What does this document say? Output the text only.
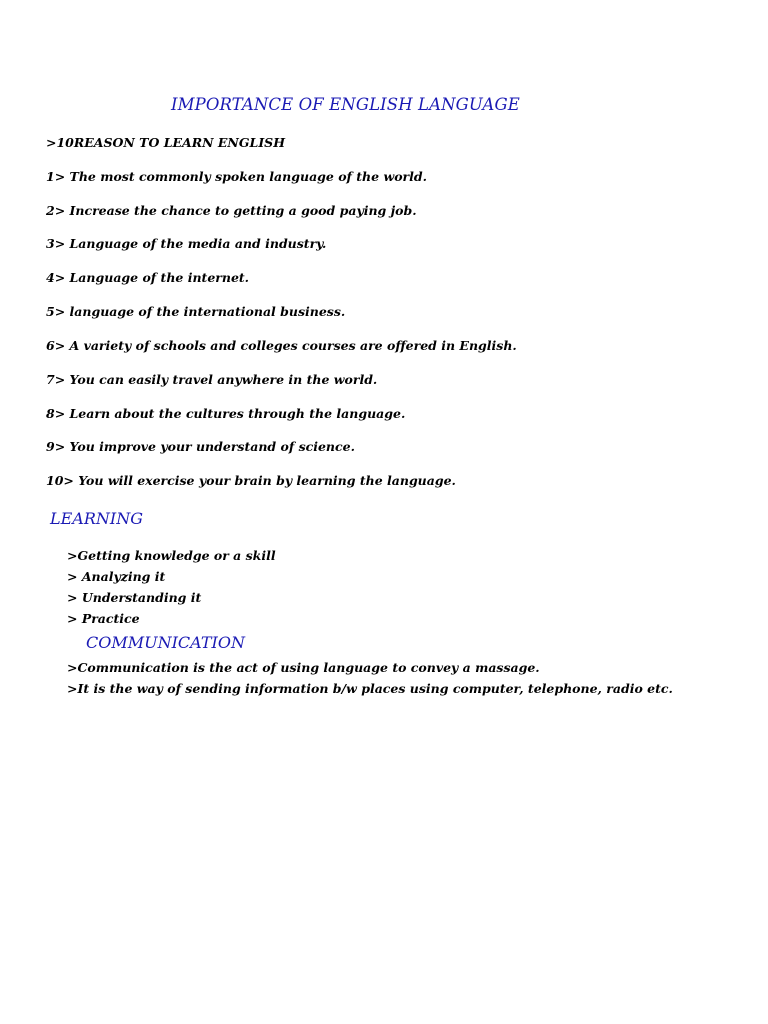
IMPORTANCE OF ENGLISH LANGUAGE

>10REASON TO LEARN ENGLISH

1> The most commonly spoken language of the world.
2> Increase the chance to getting a good paying job.
3> Language of the media and industry.
4> Language of the internet.
5> language of the international business.
6> A variety of schools and colleges courses are offered in English.
7> You can easily travel anywhere in the world.
8> Learn about the cultures through the language.
9> You improve your understand of science.
10> You will exercise your brain by learning the language.
LEARNING
>Getting knowledge or a skill
> Analyzing it
> Understanding it
> Practice
COMMUNICATION
>Communication is the act of using language to convey a massage.
>It is the way of sending information b/w places using computer, telephone, radio etc.
